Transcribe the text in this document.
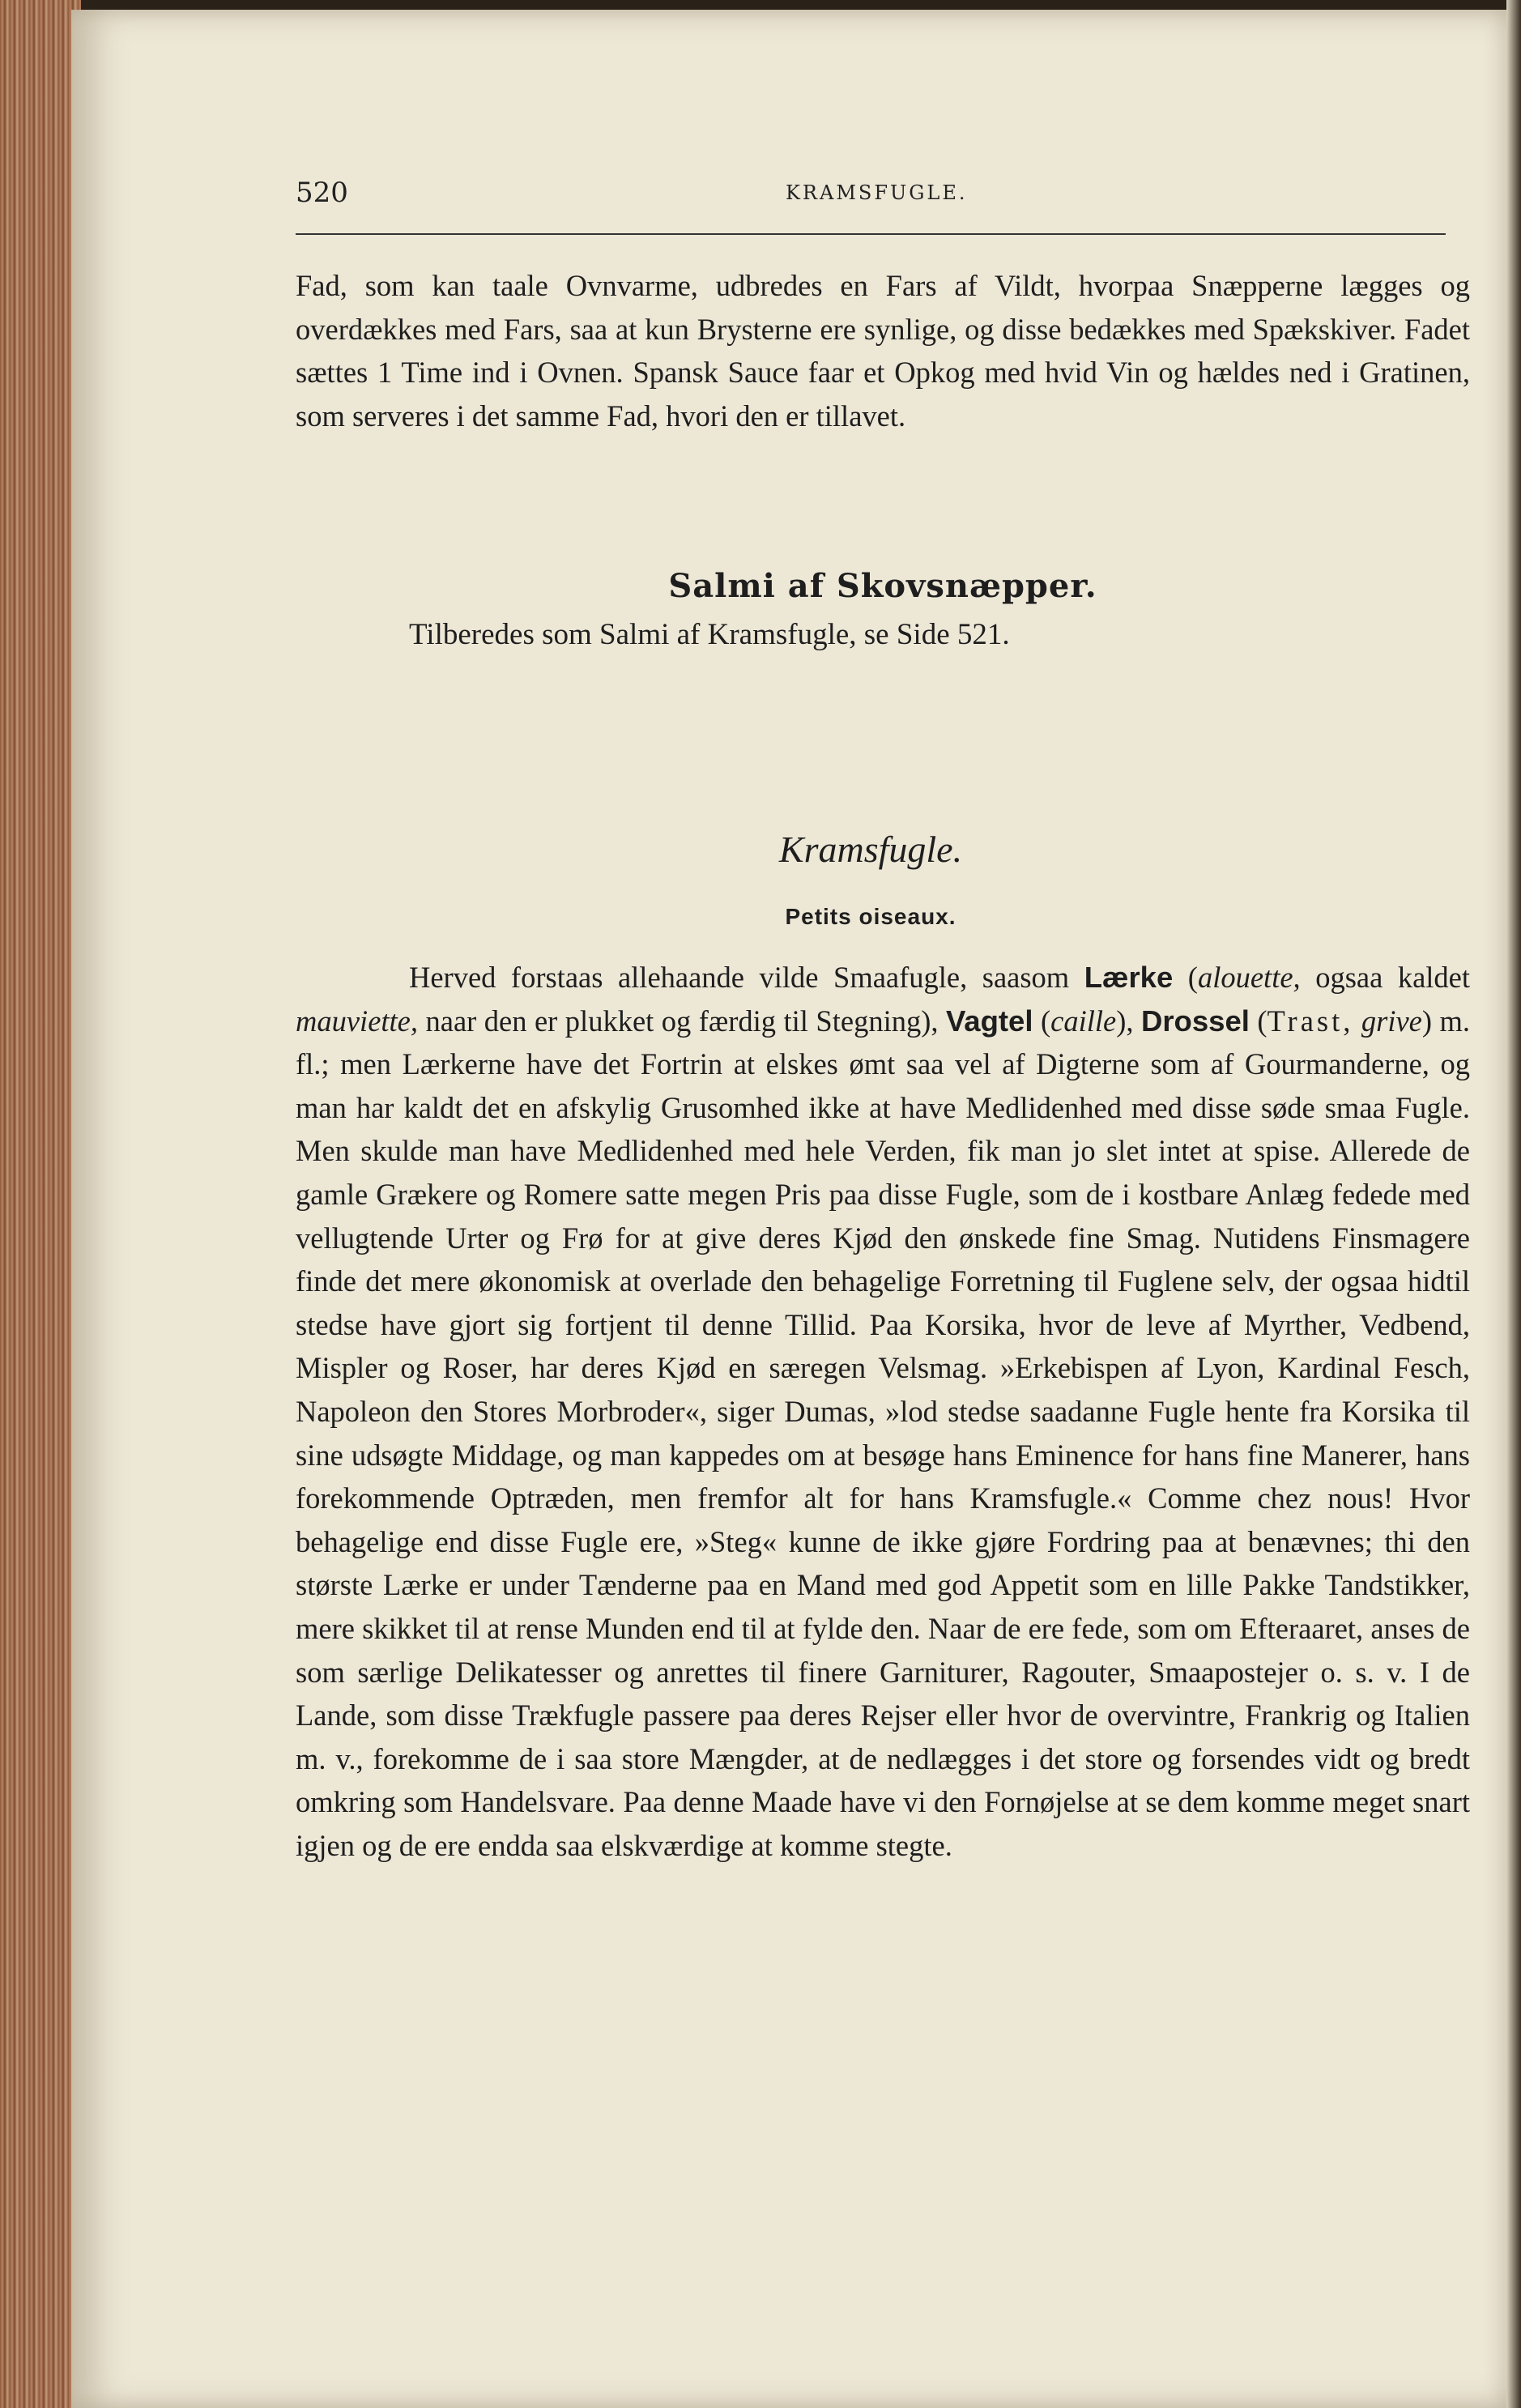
520	KRAMSFUGLE.

Fad, som kan taale Ovnvarme, udbredes en Fars af Vildt, hvorpaa Snæpperne lægges og overdækkes med Fars, saa at kun Brysterne ere synlige, og disse bedækkes med Spækskiver. Fadet sættes 1 Time ind i Ovnen. Spansk Sauce faar et Opkog med hvid Vin og hældes ned i Gratinen, som serveres i det samme Fad, hvori den er tillavet.

Salmi af Skovsnæpper.
Tilberedes som Salmi af Kramsfugle, se Side 521.
Kramsfugle.
Petits oiseaux.

Herved forstaas allehaande vilde Smaafugle, saasom Lærke (alouette, ogsaa kaldet mauviette, naar den er plukket og færdig til Stegning), Vagtel (caille), Drossel (Trast, grive) m. fl.; men Lærkerne have det Fortrin at elskes ømt saa vel af Digterne som af Gourmanderne, og man har kaldt det en afskylig Grusomhed ikke at have Medlidenhed med disse søde smaa Fugle. Men skulde man have Medlidenhed med hele Verden, fik man jo slet intet at spise. Allerede de gamle Grækere og Romere satte megen Pris paa disse Fugle, som de i kostbare Anlæg fedede med vellugtende Urter og Frø for at give deres Kjød den ønskede fine Smag. Nutidens Finsmagere finde det mere økonomisk at overlade den behagelige Forretning til Fuglene selv, der ogsaa hidtil stedse have gjort sig fortjent til denne Tillid. Paa Korsika, hvor de leve af Myrther, Vedbend, Mispler og Roser, har deres Kjød en særegen Velsmag. »Erkebispen af Lyon, Kardinal Fesch, Napoleon den Stores Morbroder«, siger Dumas, »lod stedse saadanne Fugle hente fra Korsika til sine udsøgte Middage, og man kappedes om at besøge hans Eminence for hans fine Manerer, hans forekommende Optræden, men fremfor alt for hans Kramsfugle.« Comme chez nous! Hvor behagelige end disse Fugle ere, »Steg« kunne de ikke gjøre Fordring paa at benævnes; thi den største Lærke er under Tænderne paa en Mand med god Appetit som en lille Pakke Tandstikker, mere skikket til at rense Munden end til at fylde den. Naar de ere fede, som om Efteraaret, anses de som særlige Delikatesser og anrettes til finere Garniturer, Ragouter, Smaapostejer o. s. v. I de Lande, som disse Trækfugle passere paa deres Rejser eller hvor de overvintre, Frankrig og Italien m. v., forekomme de i saa store Mængder, at de nedlægges i det store og forsendes vidt og bredt omkring som Handelsvare. Paa denne Maade have vi den Fornøjelse at se dem komme meget snart igjen og de ere endda saa elskværdige at komme stegte.
